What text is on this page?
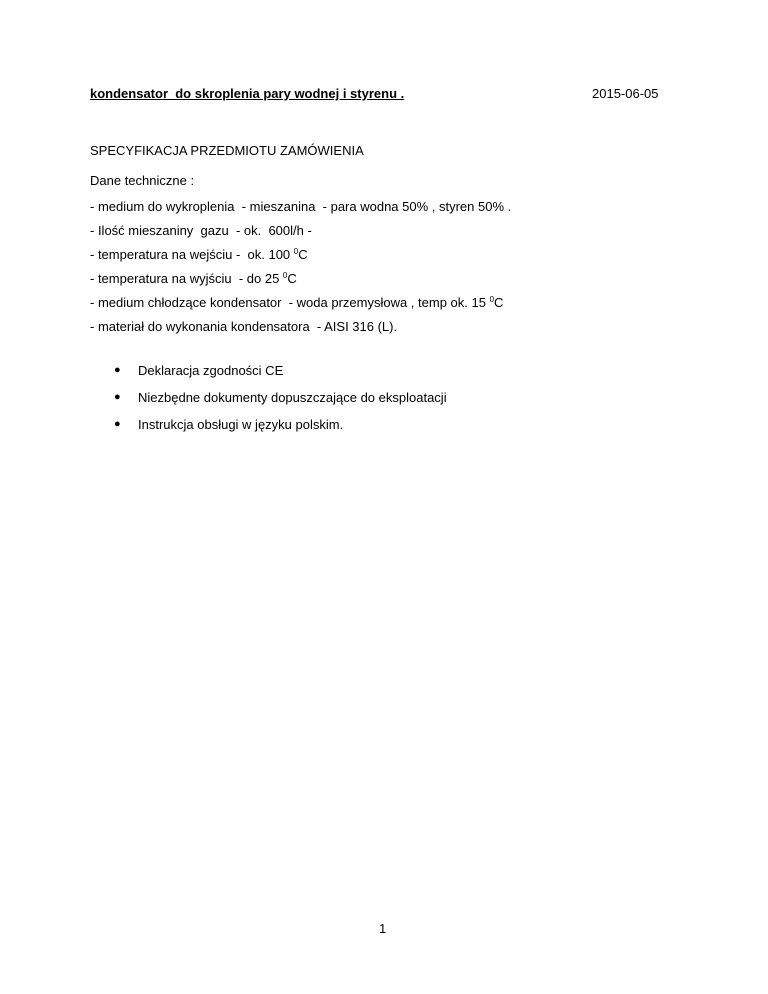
kondensator  do skroplenia pary wodnej i styrenu .	2015-06-05
SPECYFIKACJA PRZEDMIOTU ZAMÓWIENIA
Dane techniczne :
- medium do wykroplenia  - mieszanina  - para wodna 50% , styren 50% .
- Ilość mieszaniny  gazu  - ok.  600l/h -
- temperatura na wejściu -  ok. 100 $^0$C
- temperatura na wyjściu  - do 25 $^0$C
- medium chłodzące kondensator  - woda przemysłowa , temp ok. 15 $^0$C
- materiał do wykonania kondensatora  - AISI 316 (L).
●	Deklaracja zgodności CE
●	Niezbędne dokumenty dopuszczające do eksploatacji
●	Instrukcja obsługi w języku polskim.
1
